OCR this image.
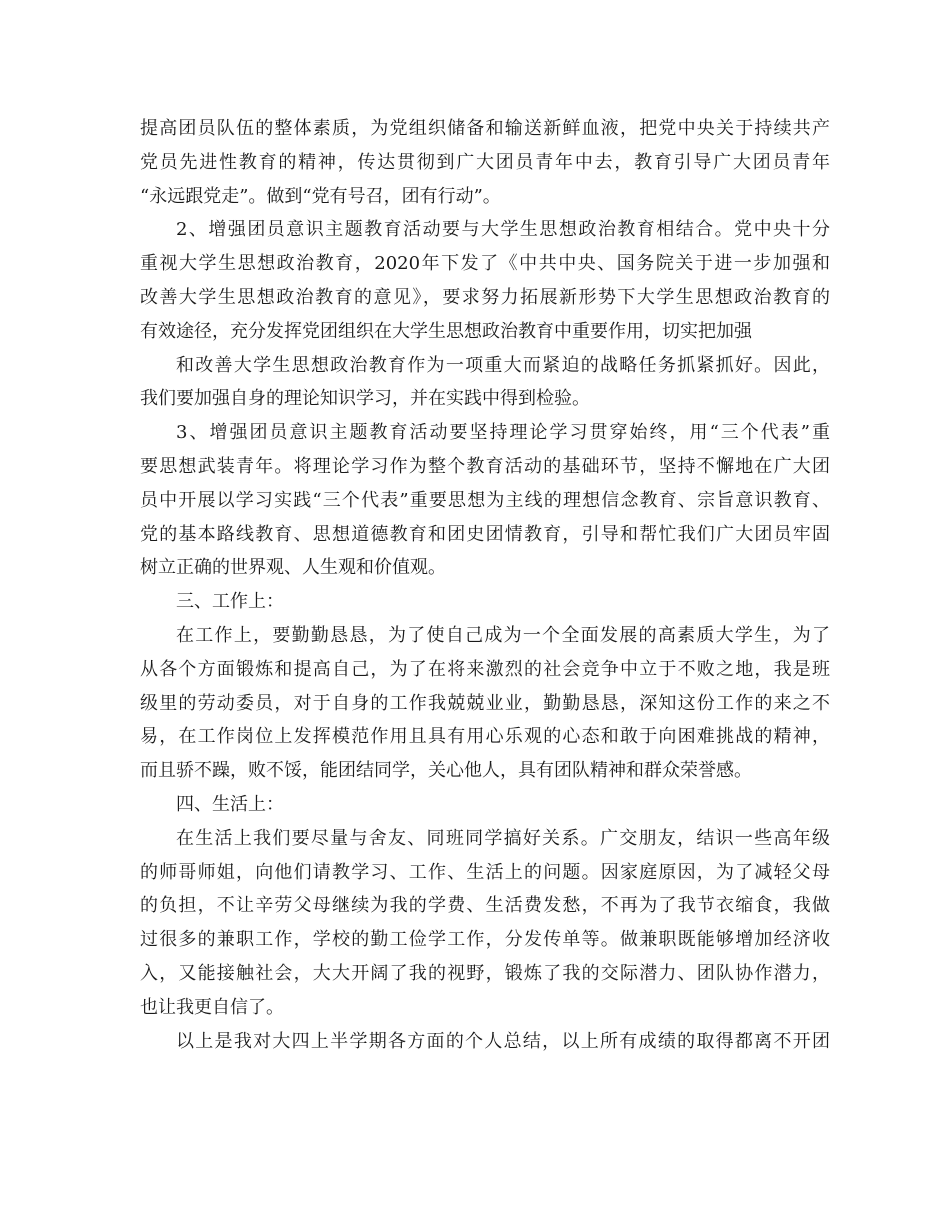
提高团员队伍的整体素质，为党组织储备和输送新鲜血液，把党中央关于持续共产
党员先进性教育的精神，传达贯彻到广大团员青年中去，教育引导广大团员青年
“永远跟党走”。做到“党有号召，团有行动”。
2、增强团员意识主题教育活动要与大学生思想政治教育相结合。党中央十分
重视大学生思想政治教育，2020年下发了《中共中央、国务院关于进一步加强和
改善大学生思想政治教育的意见》，要求努力拓展新形势下大学生思想政治教育的
有效途径，充分发挥党团组织在大学生思想政治教育中重要作用，切实把加强
和改善大学生思想政治教育作为一项重大而紧迫的战略任务抓紧抓好。因此，
我们要加强自身的理论知识学习，并在实践中得到检验。
3、增强团员意识主题教育活动要坚持理论学习贯穿始终，用“三个代表”重
要思想武装青年。将理论学习作为整个教育活动的基础环节，坚持不懈地在广大团
员中开展以学习实践“三个代表”重要思想为主线的理想信念教育、宗旨意识教育、
党的基本路线教育、思想道德教育和团史团情教育，引导和帮忙我们广大团员牢固
树立正确的世界观、人生观和价值观。
三、工作上：
在工作上，要勤勤恳恳，为了使自己成为一个全面发展的高素质大学生，为了
从各个方面锻炼和提高自己，为了在将来激烈的社会竞争中立于不败之地，我是班
级里的劳动委员，对于自身的工作我兢兢业业，勤勤恳恳，深知这份工作的来之不
易，在工作岗位上发挥模范作用且具有用心乐观的心态和敢于向困难挑战的精神，
而且骄不躁，败不馁，能团结同学，关心他人，具有团队精神和群众荣誉感。
四、生活上：
在生活上我们要尽量与舍友、同班同学搞好关系。广交朋友，结识一些高年级
的师哥师姐，向他们请教学习、工作、生活上的问题。因家庭原因，为了减轻父母
的负担，不让辛劳父母继续为我的学费、生活费发愁，不再为了我节衣缩食，我做
过很多的兼职工作，学校的勤工俭学工作，分发传单等。做兼职既能够增加经济收
入，又能接触社会，大大开阔了我的视野，锻炼了我的交际潜力、团队协作潜力，
也让我更自信了。
以上是我对大四上半学期各方面的个人总结，以上所有成绩的取得都离不开团
